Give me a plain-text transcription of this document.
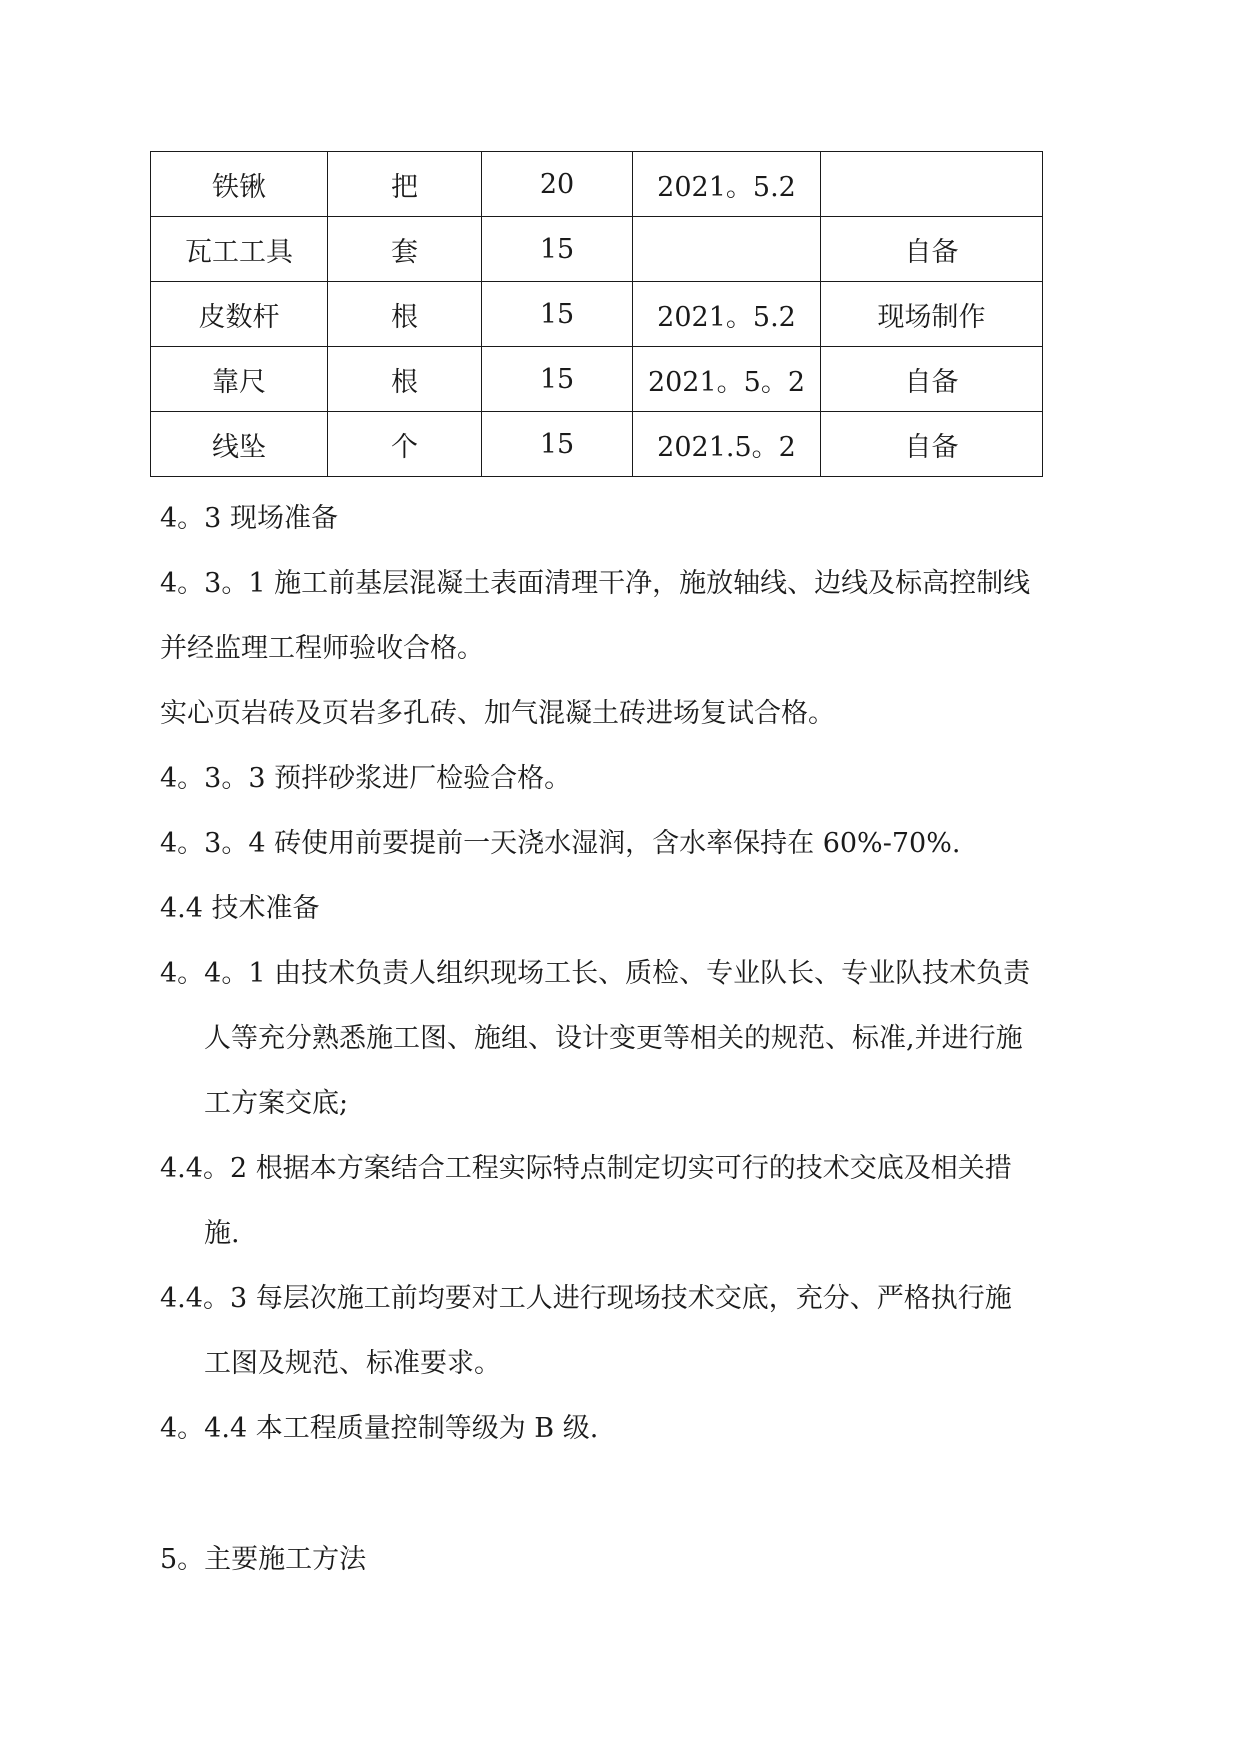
铁锹	把	20	2021。5.2	
瓦工工具	套	15		自备
皮数杆	根	15	2021。5.2	现场制作
靠尺	根	15	2021。5。2	自备
线坠	个	15	2021.5。2	自备
4。3 现场准备
4。3。1 施工前基层混凝土表面清理干净，施放轴线、边线及标高控制线
并经监理工程师验收合格。
实心页岩砖及页岩多孔砖、加气混凝土砖进场复试合格。
4。3。3 预拌砂浆进厂检验合格。
4。3。4 砖使用前要提前一天浇水湿润，含水率保持在 60%-70%.
4.4 技术准备
4。4。1 由技术负责人组织现场工长、质检、专业队长、专业队技术负责
人等充分熟悉施工图、施组、设计变更等相关的规范、标准,并进行施
工方案交底;
4.4。2 根据本方案结合工程实际特点制定切实可行的技术交底及相关措
施.
4.4。3 每层次施工前均要对工人进行现场技术交底，充分、严格执行施
工图及规范、标准要求。
4。4.4 本工程质量控制等级为 B 级.
5。主要施工方法
